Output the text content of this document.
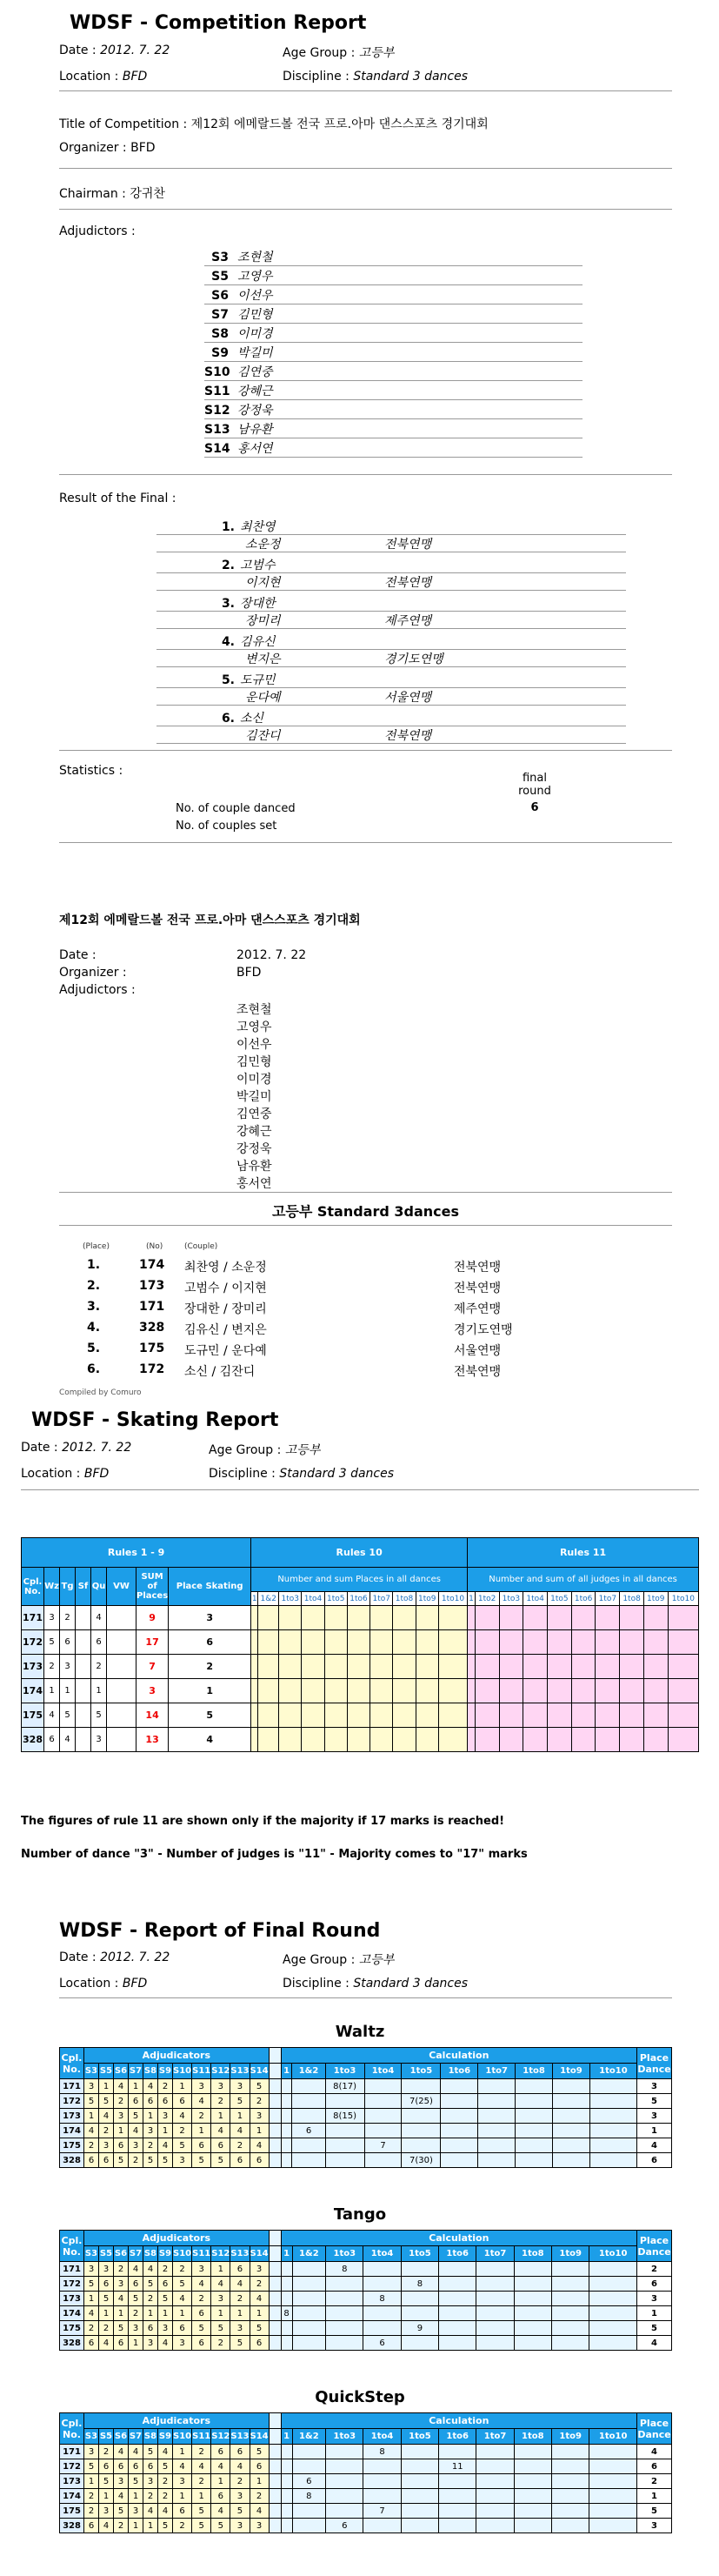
WDSF - Competition Report
Date : 2012. 7. 22	Age Group : 고등부
Location : BFD	Discipline : Standard 3 dances
Title of Competition : 제12회 에메랄드볼 전국 프로.아마 댄스스포츠 경기대회
Organizer : BFD
Chairman : 강귀찬
Adjudictors :
S3 조현철
S5 고영우
S6 이선우
S7 김민형
S8 이미경
S9 박길미
S10 김연중
S11 강혜근
S12 강정욱
S13 남유환
S14 홍서연
Result of the Final :
1. 최찬영
소운정	전북연맹
2. 고범수
이지현	전북연맹
3. 장대한
장미리	제주연맹
4. 김유신
변지은	경기도연맹
5. 도규민
운다예	서울연맹
6. 소신
김잔디	전북연맹
Statistics :
final round
No. of couple danced	6
No. of couples set
제12회 에메랄드볼 전국 프로.아마 댄스스포츠 경기대회
Date :	2012. 7. 22
Organizer :	BFD
Adjudictors :
조현철
고영우
이선우
김민형
이미경
박길미
김연중
강혜근
강정욱
남유환
홍서연
고등부 Standard 3dances
(Place)	(No)	(Couple)
1.	174 최찬영 / 소운정	전북연맹
2.	173 고범수 / 이지현	전북연맹
3.	171 장대한 / 장미리	제주연맹
4.	328 김유신 / 변지은	경기도연맹
5.	175 도규민 / 운다예	서울연맹
6.	172 소신 / 김잔디	전북연맹
Compiled by Comuro
WDSF - Skating Report
Date : 2012. 7. 22	Age Group : 고등부
Location : BFD	Discipline : Standard 3 dances
Rules 1 - 9								Rules 10										Rules 11									
Cpl. No.	Wz	Tg	Sf	Qu	VW	SUM of Places	Place Skating	Number and sum Places in all dances										Number and sum of all judges in all dances									
								1	1&2	1to3	1to4	1to5	1to6	1to7	1to8	1to9	1to10	1	1to2	1to3	1to4	1to5	1to6	1to7	1to8	1to9	1to10
171	3	2		4		9	3																				
172	5	6		6		17	6																				
173	2	3		2		7	2																				
174	1	1		1		3	1																				
175	4	5		5		14	5																				
328	6	4		3		13	4																				
The figures of rule 11 are shown only if the majority if 17 marks is reached!
Number of dance "3" - Number of judges is "11" - Majority comes to "17" marks
WDSF - Report of Final Round
Date : 2012. 7. 22	Age Group : 고등부
Location : BFD	Discipline : Standard 3 dances
Waltz
Cpl. No.	Adjudicators												Calculation										Place Dance
	S3	S5	S6	S7	S8	S9	S10	S11	S12	S13	S14		1	1&2	1to3	1to4	1to5	1to6	1to7	1to8	1to9	1to10	
171	3	1	4	1	4	2	1	3	3	3	5				8(17)								3
172	5	5	2	6	6	6	6	4	2	5	2						7(25)						5
173	1	4	3	5	1	3	4	2	1	1	3				8(15)								3
174	4	2	1	4	3	1	2	1	4	4	1			6									1
175	2	3	6	3	2	4	5	6	6	2	4					7							4
328	6	6	5	2	5	5	3	5	5	6	6						7(30)						6
Tango
Cpl. No.	Adjudicators												Calculation										Place Dance
	S3	S5	S6	S7	S8	S9	S10	S11	S12	S13	S14		1	1&2	1to3	1to4	1to5	1to6	1to7	1to8	1to9	1to10	
171	3	3	2	4	4	2	2	3	1	6	3				8								2
172	5	6	3	6	5	6	5	4	4	4	2						8						6
173	1	5	4	5	2	5	4	2	3	2	4					8							3
174	4	1	1	2	1	1	1	6	1	1	1		8										1
175	2	2	5	3	6	3	6	5	5	3	5						9						5
328	6	4	6	1	3	4	3	6	2	5	6					6							4
QuickStep
Cpl. No.	Adjudicators												Calculation										Place Dance
	S3	S5	S6	S7	S8	S9	S10	S11	S12	S13	S14		1	1&2	1to3	1to4	1to5	1to6	1to7	1to8	1to9	1to10	
171	3	2	4	4	5	4	1	2	6	6	5					8							4
172	5	6	6	6	6	5	4	4	4	4	6							11					6
173	1	5	3	5	3	2	3	2	1	2	1			6									2
174	2	1	4	1	2	2	1	1	6	3	2			8									1
175	2	3	5	3	4	4	6	5	4	5	4					7							5
328	6	4	2	1	1	5	2	5	5	3	3				6								3
